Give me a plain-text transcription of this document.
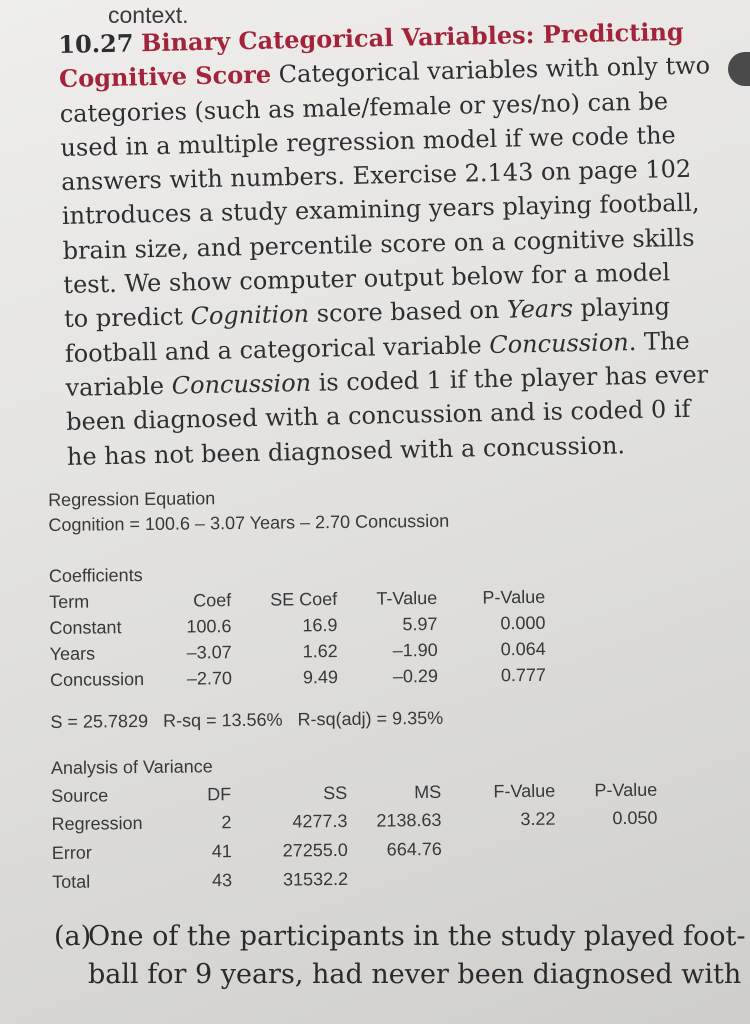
context.
10.27 Binary Categorical Variables: Predicting
Cognitive Score Categorical variables with only two
categories (such as male/female or yes/no) can be
used in a multiple regression model if we code the
answers with numbers. Exercise 2.143 on page 102
introduces a study examining years playing football,
brain size, and percentile score on a cognitive skills
test. We show computer output below for a model
to predict Cognition score based on Years playing
football and a categorical variable Concussion. The
variable Concussion is coded 1 if the player has ever
been diagnosed with a concussion and is coded 0 if
he has not been diagnosed with a concussion.
Regression Equation
Cognition = 100.6 – 3.07 Years – 2.70 Concussion
Coefficients
Term	Coef	SE Coef	T-Value	P-Value
Constant	100.6	16.9	5.97	0.000
Years	–3.07	1.62	–1.90	0.064
Concussion	–2.70	9.49	–0.29	0.777
S = 25.7829   R-sq = 13.56%   R-sq(adj) = 9.35%
Analysis of Variance
Source	DF	SS	MS	F-Value	P-Value
Regression	2	4277.3	2138.63	3.22	0.050
Error	41	27255.0	664.76
Total	43	31532.2
(a)
One of the participants in the study played foot-
ball for 9 years, had never been diagnosed with
